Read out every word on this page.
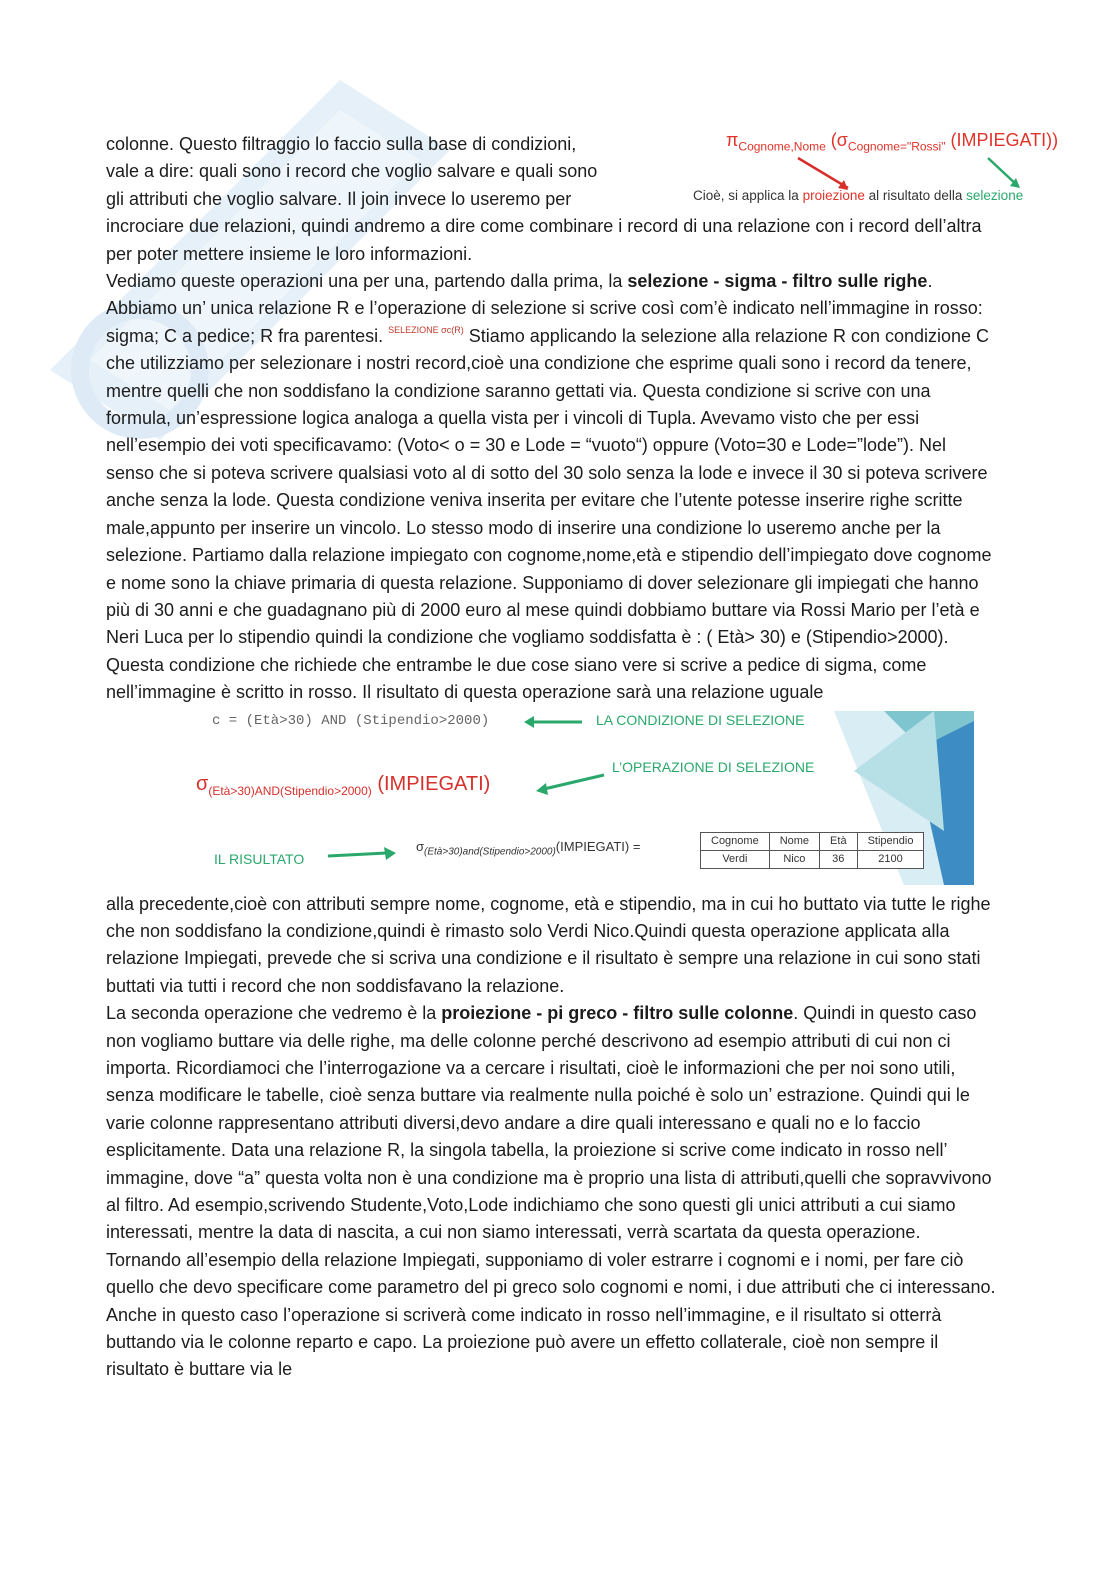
$\pi_{Cognome,Nome}$ ($\sigma_{Cognome="Rossi"}$ (IMPIEGATI))
Cioè, si applica la proiezione al risultato della selezione

colonne. Questo filtraggio lo faccio sulla base di condizioni,
vale a dire: quali sono i record che voglio salvare e quali sono
gli attributi che voglio salvare. Il join invece lo useremo per
incrociare due relazioni, quindi andremo a dire come combinare i record di una relazione con i record dell’altra per poter mettere insieme le loro informazioni.

Vediamo queste operazioni una per una, partendo dalla prima, la selezione - sigma - filtro sulle righe. Abbiamo un’ unica relazione R e l’operazione di selezione si scrive così com’è indicato nell’immagine in rosso: sigma; C a pedice; R fra parentesi. SELEZIONE σc(R) Stiamo applicando la selezione alla relazione R con condizione C che utilizziamo per selezionare i nostri record,cioè una condizione che esprime quali sono i record da tenere, mentre quelli che non soddisfano la condizione saranno gettati via. Questa condizione si scrive con una formula, un’espressione logica analoga a quella vista per i vincoli di Tupla. Avevamo visto che per essi nell’esempio dei voti specificavamo: (Voto< o = 30 e Lode = “vuoto“) oppure (Voto=30 e Lode=”lode”). Nel senso che si poteva scrivere qualsiasi voto al di sotto del 30 solo senza la lode e invece il 30 si poteva scrivere anche senza la lode. Questa condizione veniva inserita per evitare che l’utente potesse inserire righe scritte male,appunto per inserire un vincolo. Lo stesso modo di inserire una condizione lo useremo anche per la selezione. Partiamo dalla relazione impiegato con cognome,nome,età e stipendio dell’impiegato dove cognome e nome sono la chiave primaria di questa relazione. Supponiamo di dover selezionare gli impiegati che hanno più di 30 anni e che guadagnano più di 2000 euro al mese quindi dobbiamo buttare via Rossi Mario per l’età e Neri Luca per lo stipendio quindi la condizione che vogliamo soddisfatta è : ( Età> 30) e (Stipendio>2000).

Questa condizione che richiede che entrambe le due cose siano vere si scrive a pedice di sigma, come nell’immagine è scritto in rosso. Il risultato di questa operazione sarà una relazione uguale

c = (Età>30) AND (Stipendio>2000)	LA CONDIZIONE DI SELEZIONE
$\sigma_{(Età>30)AND(Stipendio>2000)}$ (IMPIEGATI)
L’OPERAZIONE DI SELEZIONE
IL RISULTATO
$\sigma_{(Età>30)and(Stipendio>2000)}(IMPIEGATI)$ =	Cognome	Nome	Età	Stipendio
Verdi	Nico	36	2100

alla precedente,cioè con attributi sempre nome, cognome, età e stipendio, ma in cui ho buttato via tutte le righe che non soddisfano la condizione,quindi è rimasto solo Verdi Nico.Quindi questa operazione applicata alla relazione Impiegati, prevede che si scriva una condizione e il risultato è sempre una relazione in cui sono stati buttati via tutti i record che non soddisfavano la relazione.

La seconda operazione che vedremo è la proiezione - pi greco - filtro sulle colonne. Quindi in questo caso non vogliamo buttare via delle righe, ma delle colonne perché descrivono ad esempio attributi di cui non ci importa. Ricordiamoci che l’interrogazione va a cercare i risultati, cioè le informazioni che per noi sono utili, senza modificare le tabelle, cioè senza buttare via realmente nulla poiché è solo un’ estrazione. Quindi qui le varie colonne rappresentano attributi diversi,devo andare a dire quali interessano e quali no e lo faccio esplicitamente. Data una relazione R, la singola tabella, la proiezione si scrive come indicato in rosso nell’ immagine, dove “a” questa volta non è una condizione ma è proprio una lista di attributi,quelli che sopravvivono al filtro. Ad esempio,scrivendo Studente,Voto,Lode indichiamo che sono questi gli unici attributi a cui siamo interessati, mentre la data di nascita, a cui non siamo interessati, verrà scartata da questa operazione. Tornando all’esempio della relazione Impiegati, supponiamo di voler estrarre i cognomi e i nomi, per fare ciò quello che devo specificare come parametro del pi greco solo cognomi e nomi, i due attributi che ci interessano. Anche in questo caso l’operazione si scriverà come indicato in rosso nell’immagine, e il risultato si otterrà buttando via le colonne reparto e capo. La proiezione può avere un effetto collaterale, cioè non sempre il risultato è buttare via le
